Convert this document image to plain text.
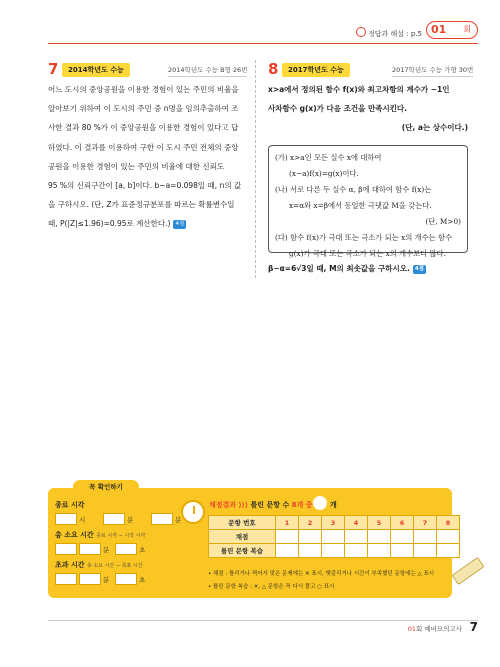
정답과 해설 : p.5 01 회
7	2014학년도 수능	2014학년도 수능 B형 26번

어느 도시의 중앙공원을 이용한 경험이 있는 주민의 비율을

알아보기 위하여 이 도시의 주민 중 n명을 임의추출하여 조

사한 결과 80 %가 이 중앙공원을 이용한 경험이 있다고 답

하였다. 이 결과를 이용하여 구한 이 도시 주민 전체의 중앙

공원을 이용한 경험이 있는 주민의 비율에 대한 신뢰도

95 %의 신뢰구간이 [a, b]이다. b−a=0.098일 때, n의 값

을 구하시오. (단, Z가 표준정규분포를 따르는 확률변수일

때, P(|Z|≤1.96)=0.95로 계산한다.) 4점

8	2017학년도 수능	2017학년도 수능 가형 30번

x>a에서 정의된 함수 f(x)와 최고차항의 계수가 −1인

사차함수 g(x)가 다음 조건을 만족시킨다.

(단, a는 상수이다.)

(가) x>a인 모든 실수 x에 대하여

(x−a)f(x)=g(x)이다.

(나) 서로 다른 두 실수 α, β에 대하여 함수 f(x)는

x=α와 x=β에서 동일한 극댓값 M을 갖는다.

(단, M>0)

(다) 함수 f(x)가 극대 또는 극소가 되는 x의 개수는 함수

g(x)가 극대 또는 극소가 되는 x의 개수보다 많다.

β−α=6√3일 때, M의 최솟값을 구하시오. 4점
꼭 확인하기
종료 시각
시	분	분
총 소요 시간 종료 시각 − 시작 시각
분	초
초과 시간 총 소요 시간 − 목표 시간
분	초
채점결과 ⟩⟩⟩ 틀린 문항 수 8개 중	개
문항 번호	1	2	3	4	5	6	7	8
채점								
틀린 문항 복습								
• 채점 : 틀리거나 찍어서 맞은 문제에는 ✕ 표시, 헷갈리거나 시간이 부족했던 문항에는 △ 표시
• 틀린 문항 복습 : ✕, △ 문항은 꼭 다시 풀고 ○ 표시
01회 예비모의고사 7
